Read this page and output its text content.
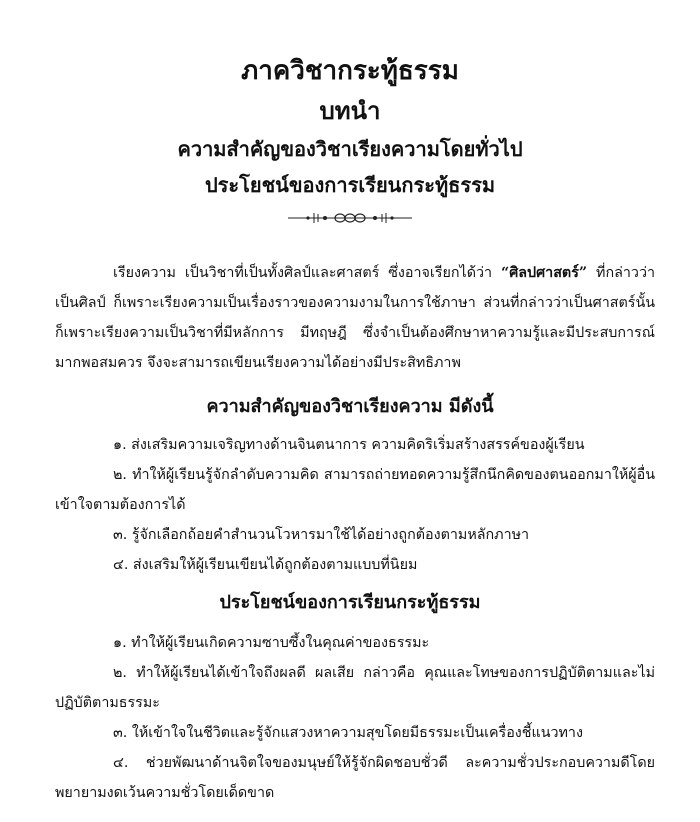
ภาควิชากระทู้ธรรม
บทนำ
ความสำคัญของวิชาเรียงความโดยทั่วไป
ประโยชน์ของการเรียนกระทู้ธรรม
เรียงความ เป็นวิชาที่เป็นทั้งศิลป์และศาสตร์ ซึ่งอาจเรียกได้ว่า “ศิลปศาสตร์” ที่กล่าวว่าเป็นศิลป์ ก็เพราะเรียงความเป็นเรื่องราวของความงามในการใช้ภาษา ส่วนที่กล่าวว่าเป็นศาสตร์นั้นก็เพราะเรียงความเป็นวิชาที่มีหลักการ มีทฤษฎี ซึ่งจำเป็นต้องศึกษาหาความรู้และมีประสบการณ์มากพอสมควร จึงจะสามารถเขียนเรียงความได้อย่างมีประสิทธิภาพ
ความสำคัญของวิชาเรียงความ มีดังนี้
๑. ส่งเสริมความเจริญทางด้านจินตนาการ ความคิดริเริ่มสร้างสรรค์ของผู้เรียน
๒. ทำให้ผู้เรียนรู้จักลำดับความคิด สามารถถ่ายทอดความรู้สึกนึกคิดของตนออกมาให้ผู้อื่นเข้าใจตามต้องการได้
๓. รู้จักเลือกถ้อยคำสำนวนโวหารมาใช้ได้อย่างถูกต้องตามหลักภาษา
๔. ส่งเสริมให้ผู้เรียนเขียนได้ถูกต้องตามแบบที่นิยม
ประโยชน์ของการเรียนกระทู้ธรรม
๑. ทำให้ผู้เรียนเกิดความซาบซึ้งในคุณค่าของธรรมะ
๒. ทำให้ผู้เรียนได้เข้าใจถึงผลดี ผลเสีย กล่าวคือ คุณและโทษของการปฏิบัติตามและไม่ปฏิบัติตามธรรมะ
๓. ให้เข้าใจในชีวิตและรู้จักแสวงหาความสุขโดยมีธรรมะเป็นเครื่องชี้แนวทาง
๔. ช่วยพัฒนาด้านจิตใจของมนุษย์ให้รู้จักผิดชอบชั่วดี ละความชั่วประกอบความดีโดยพยายามงดเว้นความชั่วโดยเด็ดขาด
